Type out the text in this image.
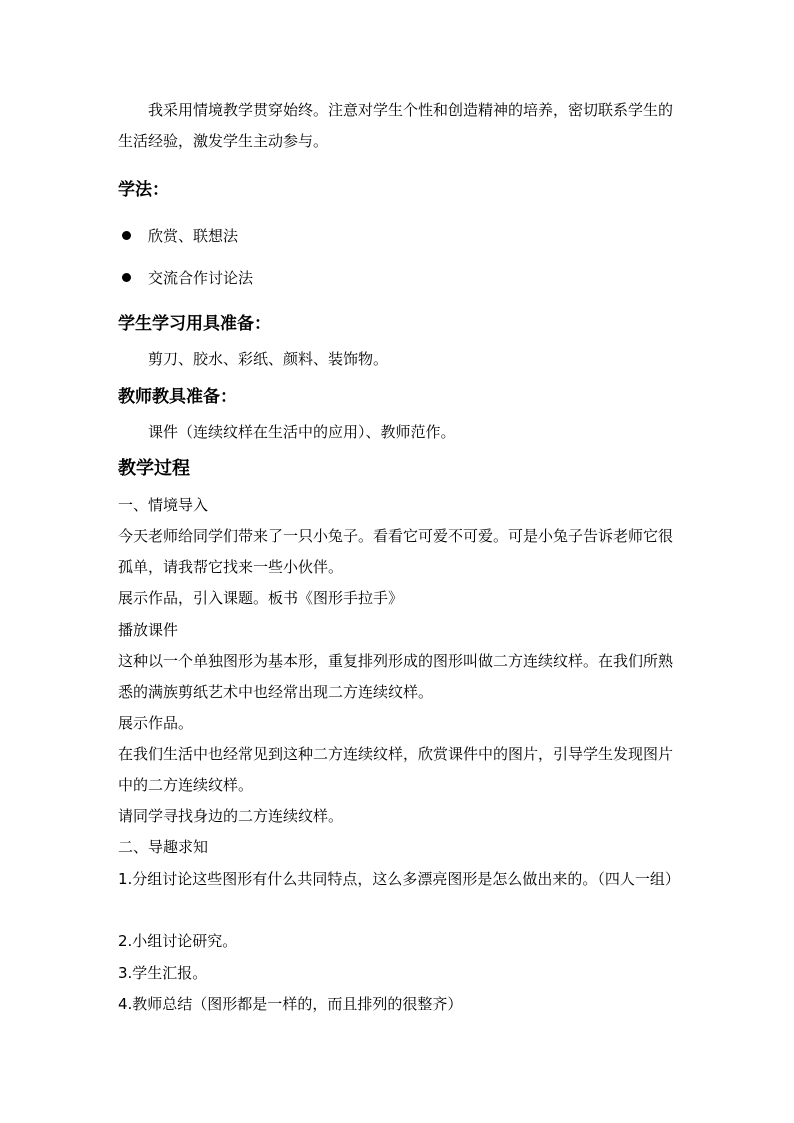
我采用情境教学贯穿始终。注意对学生个性和创造精神的培养，密切联系学生的生活经验，激发学生主动参与。
学法：
欣赏、联想法
交流合作讨论法
学生学习用具准备：
剪刀、胶水、彩纸、颜料、装饰物。
教师教具准备：
课件（连续纹样在生活中的应用）、教师范作。
教学过程
一、情境导入
今天老师给同学们带来了一只小兔子。看看它可爱不可爱。可是小兔子告诉老师它很孤单，请我帮它找来一些小伙伴。
展示作品，引入课题。板书《图形手拉手》
播放课件
这种以一个单独图形为基本形，重复排列形成的图形叫做二方连续纹样。在我们所熟悉的满族剪纸艺术中也经常出现二方连续纹样。
展示作品。
在我们生活中也经常见到这种二方连续纹样，欣赏课件中的图片，引导学生发现图片中的二方连续纹样。
请同学寻找身边的二方连续纹样。
二、导趣求知
1.分组讨论这些图形有什么共同特点，这么多漂亮图形是怎么做出来的。（四人一组）
2.小组讨论研究。
3.学生汇报。
4.教师总结（图形都是一样的，而且排列的很整齐）
